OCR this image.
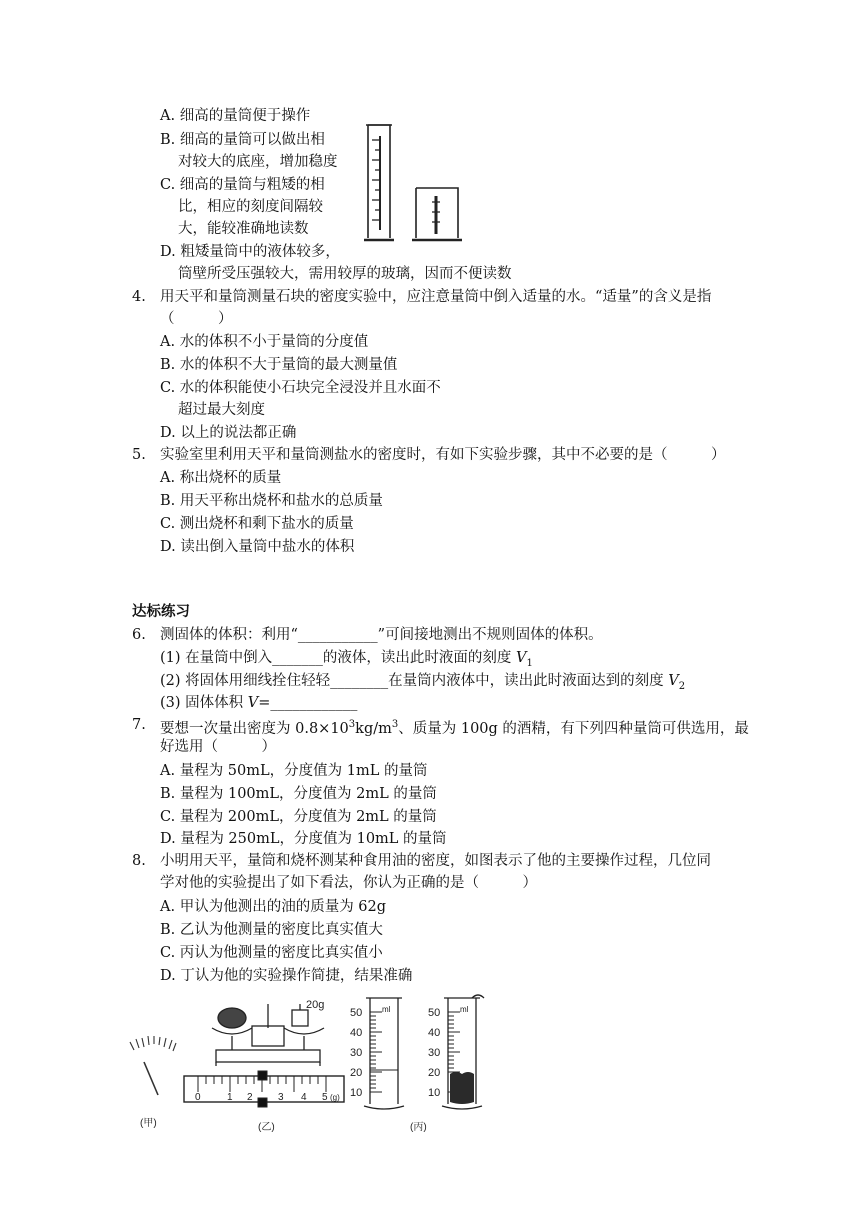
A. 细高的量筒便于操作
B. 细高的量筒可以做出相
对较大的底座，增加稳度
C. 细高的量筒与粗矮的相
比，相应的刻度间隔较
大，能较准确地读数
D. 粗矮量筒中的液体较多，
筒壁所受压强较大，需用较厚的玻璃，因而不便读数
4. 用天平和量筒测量石块的密度实验中，应注意量筒中倒入适量的水。“适量”的含义是指
（　　　）
A. 水的体积不小于量筒的分度值
B. 水的体积不大于量筒的最大测量值
C. 水的体积能使小石块完全浸没并且水面不
超过最大刻度
D. 以上的说法都正确
5. 实验室里利用天平和量筒测盐水的密度时，有如下实验步骤，其中不必要的是（　　　）
A. 称出烧杯的质量
B. 用天平称出烧杯和盐水的总质量
C. 测出烧杯和剩下盐水的质量
D. 读出倒入量筒中盐水的体积
达标练习
6. 测固体的体积：利用“___________”可间接地测出不规则固体的体积。
(1) 在量筒中倒入_______的液体，读出此时液面的刻度 $V_1$
(2) 将固体用细线拴住轻轻________在量筒内液体中，读出此时液面达到的刻度 $V_2$
(3) 固体体积 V=____________
7. 要想一次量出密度为 $0.8\times 10^3kg/m^3$、质量为 100g 的酒精，有下列四种量筒可供选用，最
好选用（　　　）
A. 量程为 50mL，分度值为 1mL 的量筒
B. 量程为 100mL，分度值为 2mL 的量筒
C. 量程为 200mL，分度值为 2mL 的量筒
D. 量程为 250mL，分度值为 10mL 的量筒
8. 小明用天平，量筒和烧杯测某种食用油的密度，如图表示了他的主要操作过程，几位同
学对他的实验提出了如下看法，你认为正确的是（　　　）
A. 甲认为他测出的油的质量为 62g
B. 乙认为他测量的密度比真实值大
C. 丙认为他测量的密度比真实值小
D. 丁认为他的实验操作简捷，结果准确
20g
0	1 2	3 4 5 (g)
50
40
30
20
10
ml	50
40
30
20
10
ml
(甲)	(乙)	(丙)
